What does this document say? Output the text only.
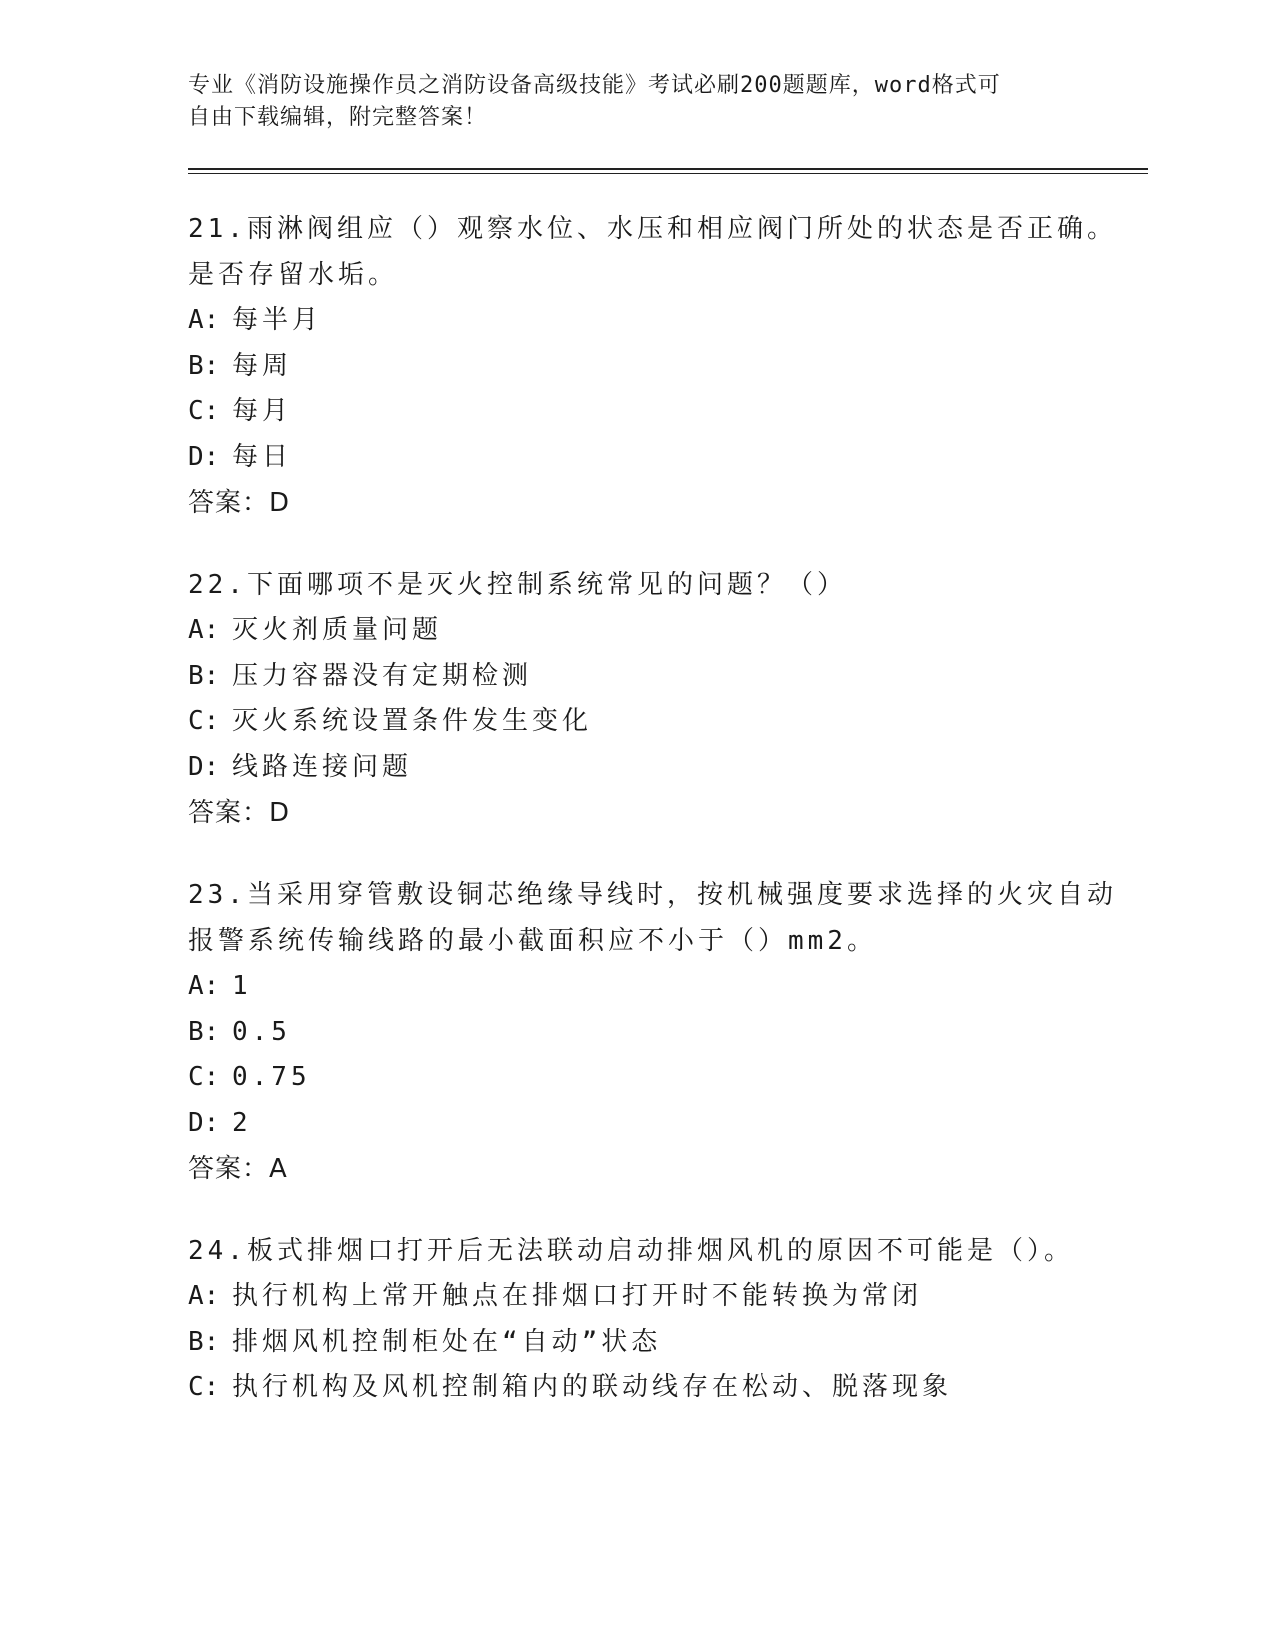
专业《消防设施操作员之消防设备高级技能》考试必刷200题题库，word格式可
自由下载编辑，附完整答案！
21.雨淋阀组应（）观察水位、水压和相应阀门所处的状态是否正确。
是否存留水垢。
A: 每半月
B: 每周
C: 每月
D: 每日
答案：D
22.下面哪项不是灭火控制系统常见的问题？（）
A: 灭火剂质量问题
B: 压力容器没有定期检测
C: 灭火系统设置条件发生变化
D: 线路连接问题
答案：D
23.当采用穿管敷设铜芯绝缘导线时，按机械强度要求选择的火灾自动
报警系统传输线路的最小截面积应不小于（）mm2。
A: 1
B: 0.5
C: 0.75
D: 2
答案：A
24.板式排烟口打开后无法联动启动排烟风机的原因不可能是（）。
A: 执行机构上常开触点在排烟口打开时不能转换为常闭
B: 排烟风机控制柜处在“自动”状态
C: 执行机构及风机控制箱内的联动线存在松动、脱落现象
